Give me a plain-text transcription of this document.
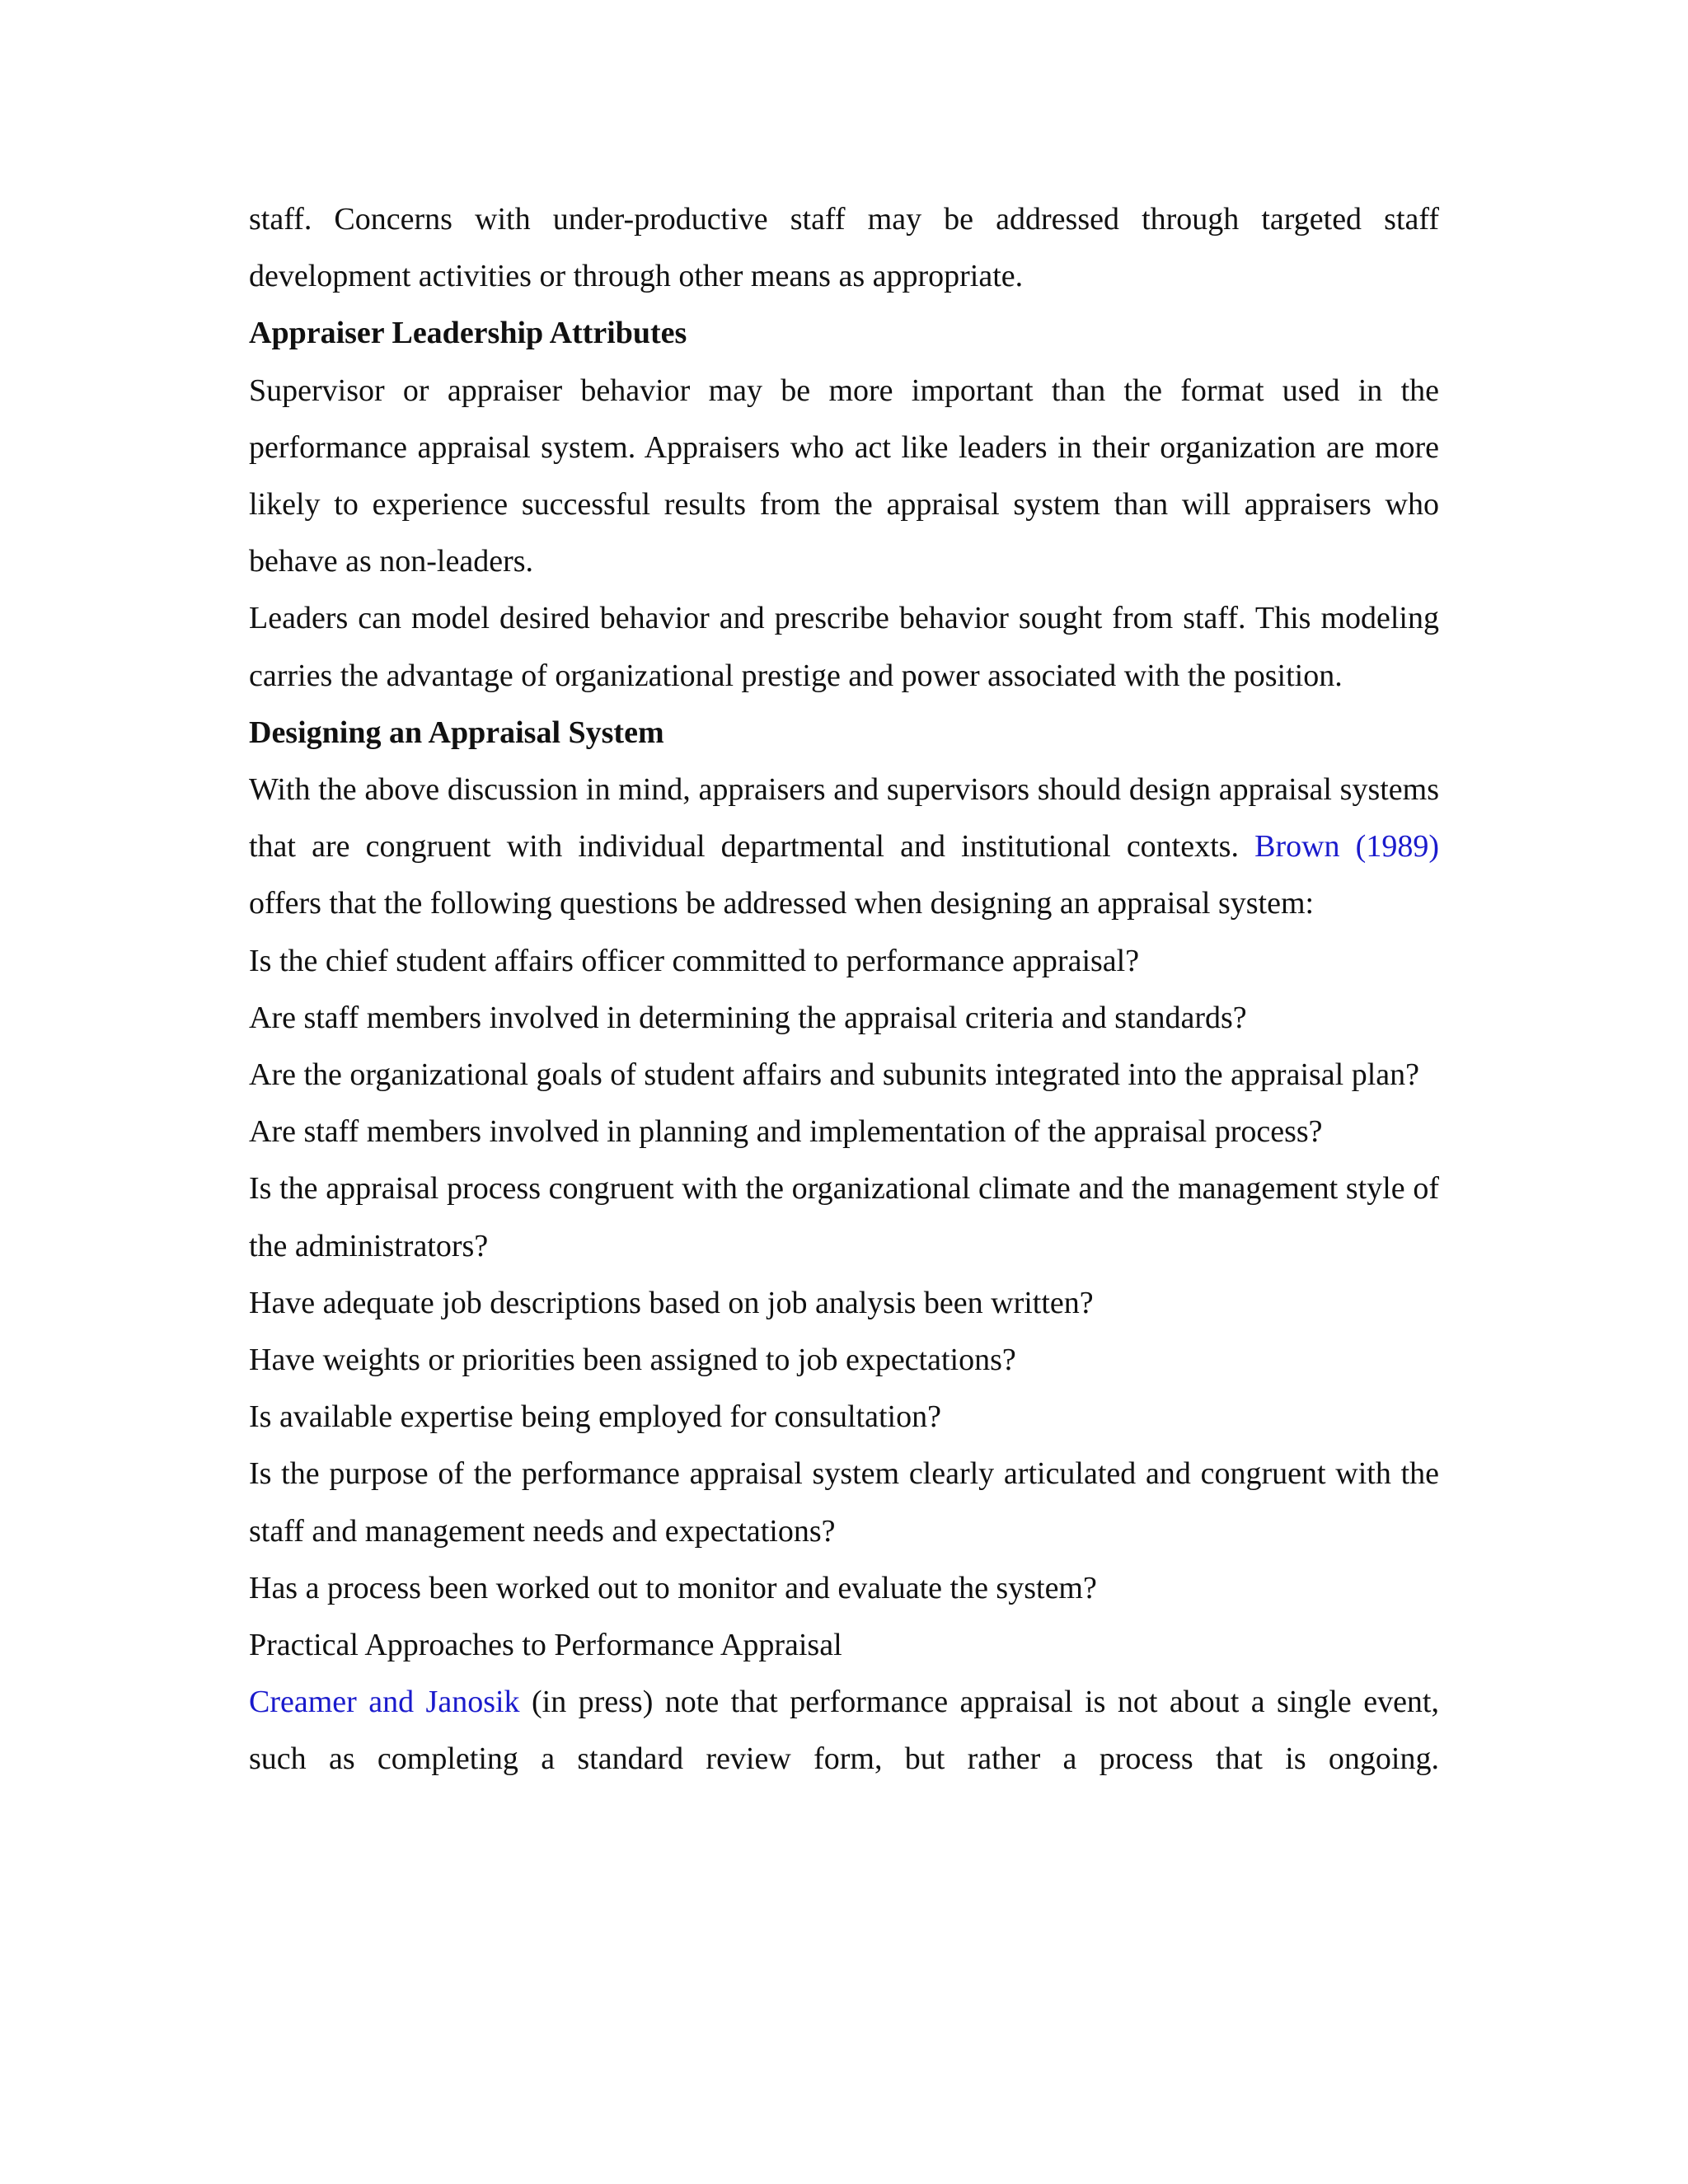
staff. Concerns with under-productive staff may be addressed through targeted staff development activities or through other means as appropriate.

Appraiser Leadership Attributes

Supervisor or appraiser behavior may be more important than the format used in the performance appraisal system. Appraisers who act like leaders in their organization are more likely to experience successful results from the appraisal system than will appraisers who behave as non-leaders.

Leaders can model desired behavior and prescribe behavior sought from staff. This modeling carries the advantage of organizational prestige and power associated with the position.

Designing an Appraisal System

With the above discussion in mind, appraisers and supervisors should design appraisal systems that are congruent with individual departmental and institutional contexts. Brown (1989) offers that the following questions be addressed when designing an appraisal system:

Is the chief student affairs officer committed to performance appraisal?

Are staff members involved in determining the appraisal criteria and standards?

Are the organizational goals of student affairs and subunits integrated into the appraisal plan?

Are staff members involved in planning and implementation of the appraisal process?

Is the appraisal process congruent with the organizational climate and the management style of the administrators?

Have adequate job descriptions based on job analysis been written?

Have weights or priorities been assigned to job expectations?

Is available expertise being employed for consultation?

Is the purpose of the performance appraisal system clearly articulated and congruent with the staff and management needs and expectations?

Has a process been worked out to monitor and evaluate the system?

Practical Approaches to Performance Appraisal

Creamer and Janosik (in press) note that performance appraisal is not about a single event, such as completing a standard review form, but rather a process that is ongoing.
